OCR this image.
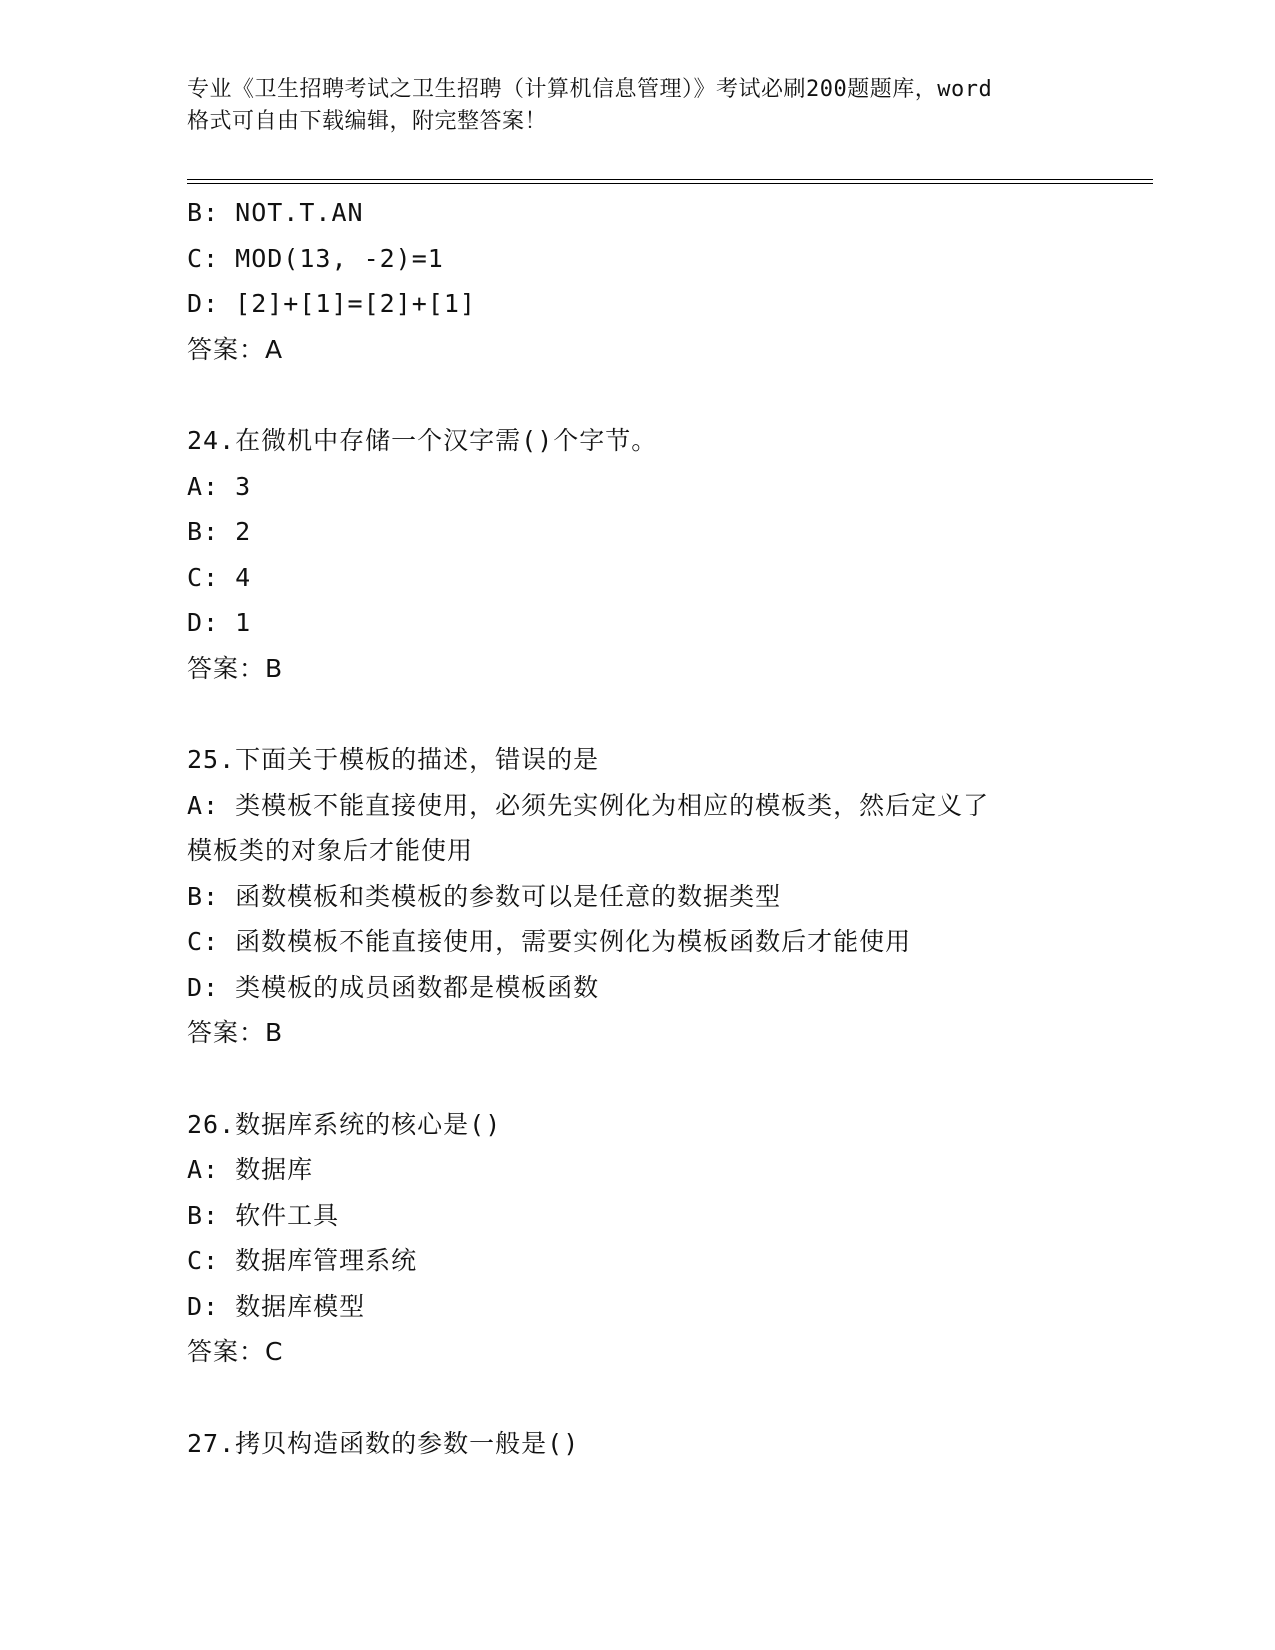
专业《卫生招聘考试之卫生招聘（计算机信息管理）》考试必刷200题题库，word
格式可自由下载编辑，附完整答案！
B: NOT.T.AN
C: MOD(13, -2)=1
D: [2]+[1]=[2]+[1]
答案：A
24.在微机中存储一个汉字需()个字节。
A: 3
B: 2
C: 4
D: 1
答案：B
25.下面关于模板的描述，错误的是
A: 类模板不能直接使用，必须先实例化为相应的模板类，然后定义了
模板类的对象后才能使用
B: 函数模板和类模板的参数可以是任意的数据类型
C: 函数模板不能直接使用，需要实例化为模板函数后才能使用
D: 类模板的成员函数都是模板函数
答案：B
26.数据库系统的核心是()
A: 数据库
B: 软件工具
C: 数据库管理系统
D: 数据库模型
答案：C
27.拷贝构造函数的参数一般是()
